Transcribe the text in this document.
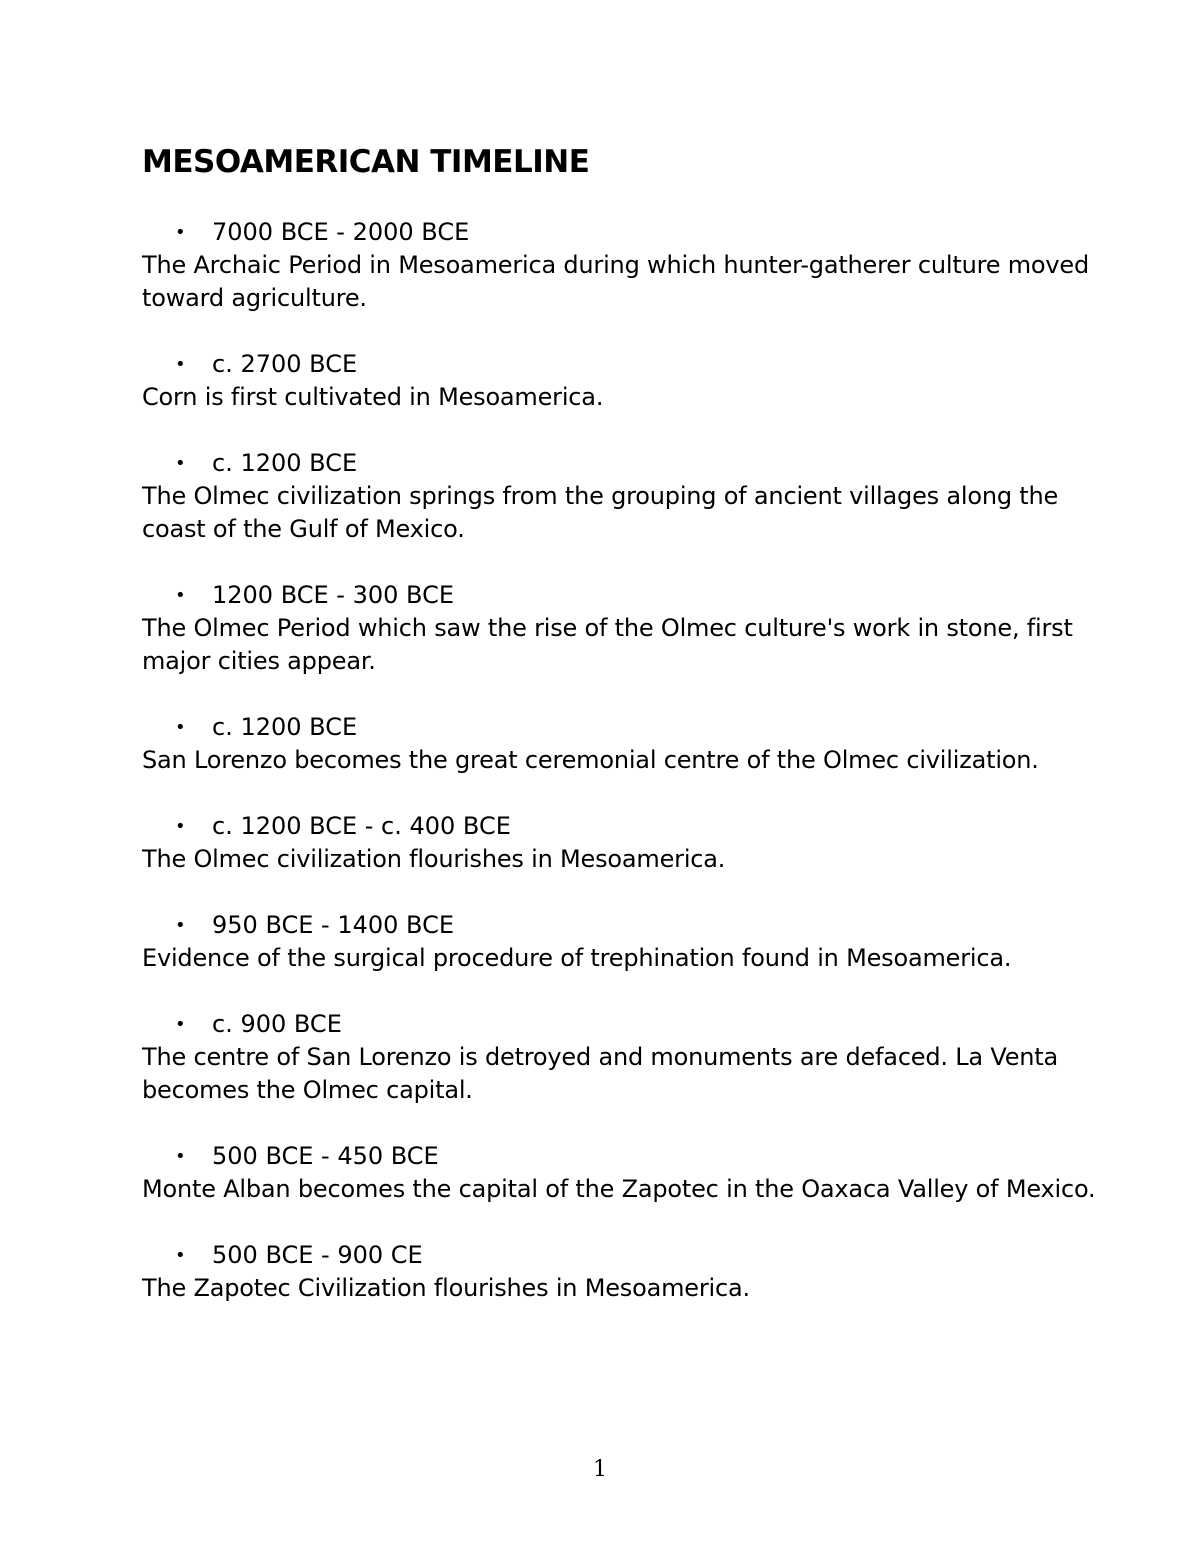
MESOAMERICAN TIMELINE
• 7000 BCE - 2000 BCE

The Archaic Period in Mesoamerica during which hunter-gatherer culture moved toward agriculture.

• c. 2700 BCE

Corn is first cultivated in Mesoamerica.

• c. 1200 BCE

The Olmec civilization springs from the grouping of ancient villages along the coast of the Gulf of Mexico.

• 1200 BCE - 300 BCE

The Olmec Period which saw the rise of the Olmec culture's work in stone, first major cities appear.

• c. 1200 BCE

San Lorenzo becomes the great ceremonial centre of the Olmec civilization.

• c. 1200 BCE - c. 400 BCE

The Olmec civilization flourishes in Mesoamerica.

• 950 BCE - 1400 BCE

Evidence of the surgical procedure of trephination found in Mesoamerica.

• c. 900 BCE

The centre of San Lorenzo is detroyed and monuments are defaced. La Venta becomes the Olmec capital.

• 500 BCE - 450 BCE

Monte Alban becomes the capital of the Zapotec in the Oaxaca Valley of Mexico.

• 500 BCE - 900 CE

The Zapotec Civilization flourishes in Mesoamerica.

1
